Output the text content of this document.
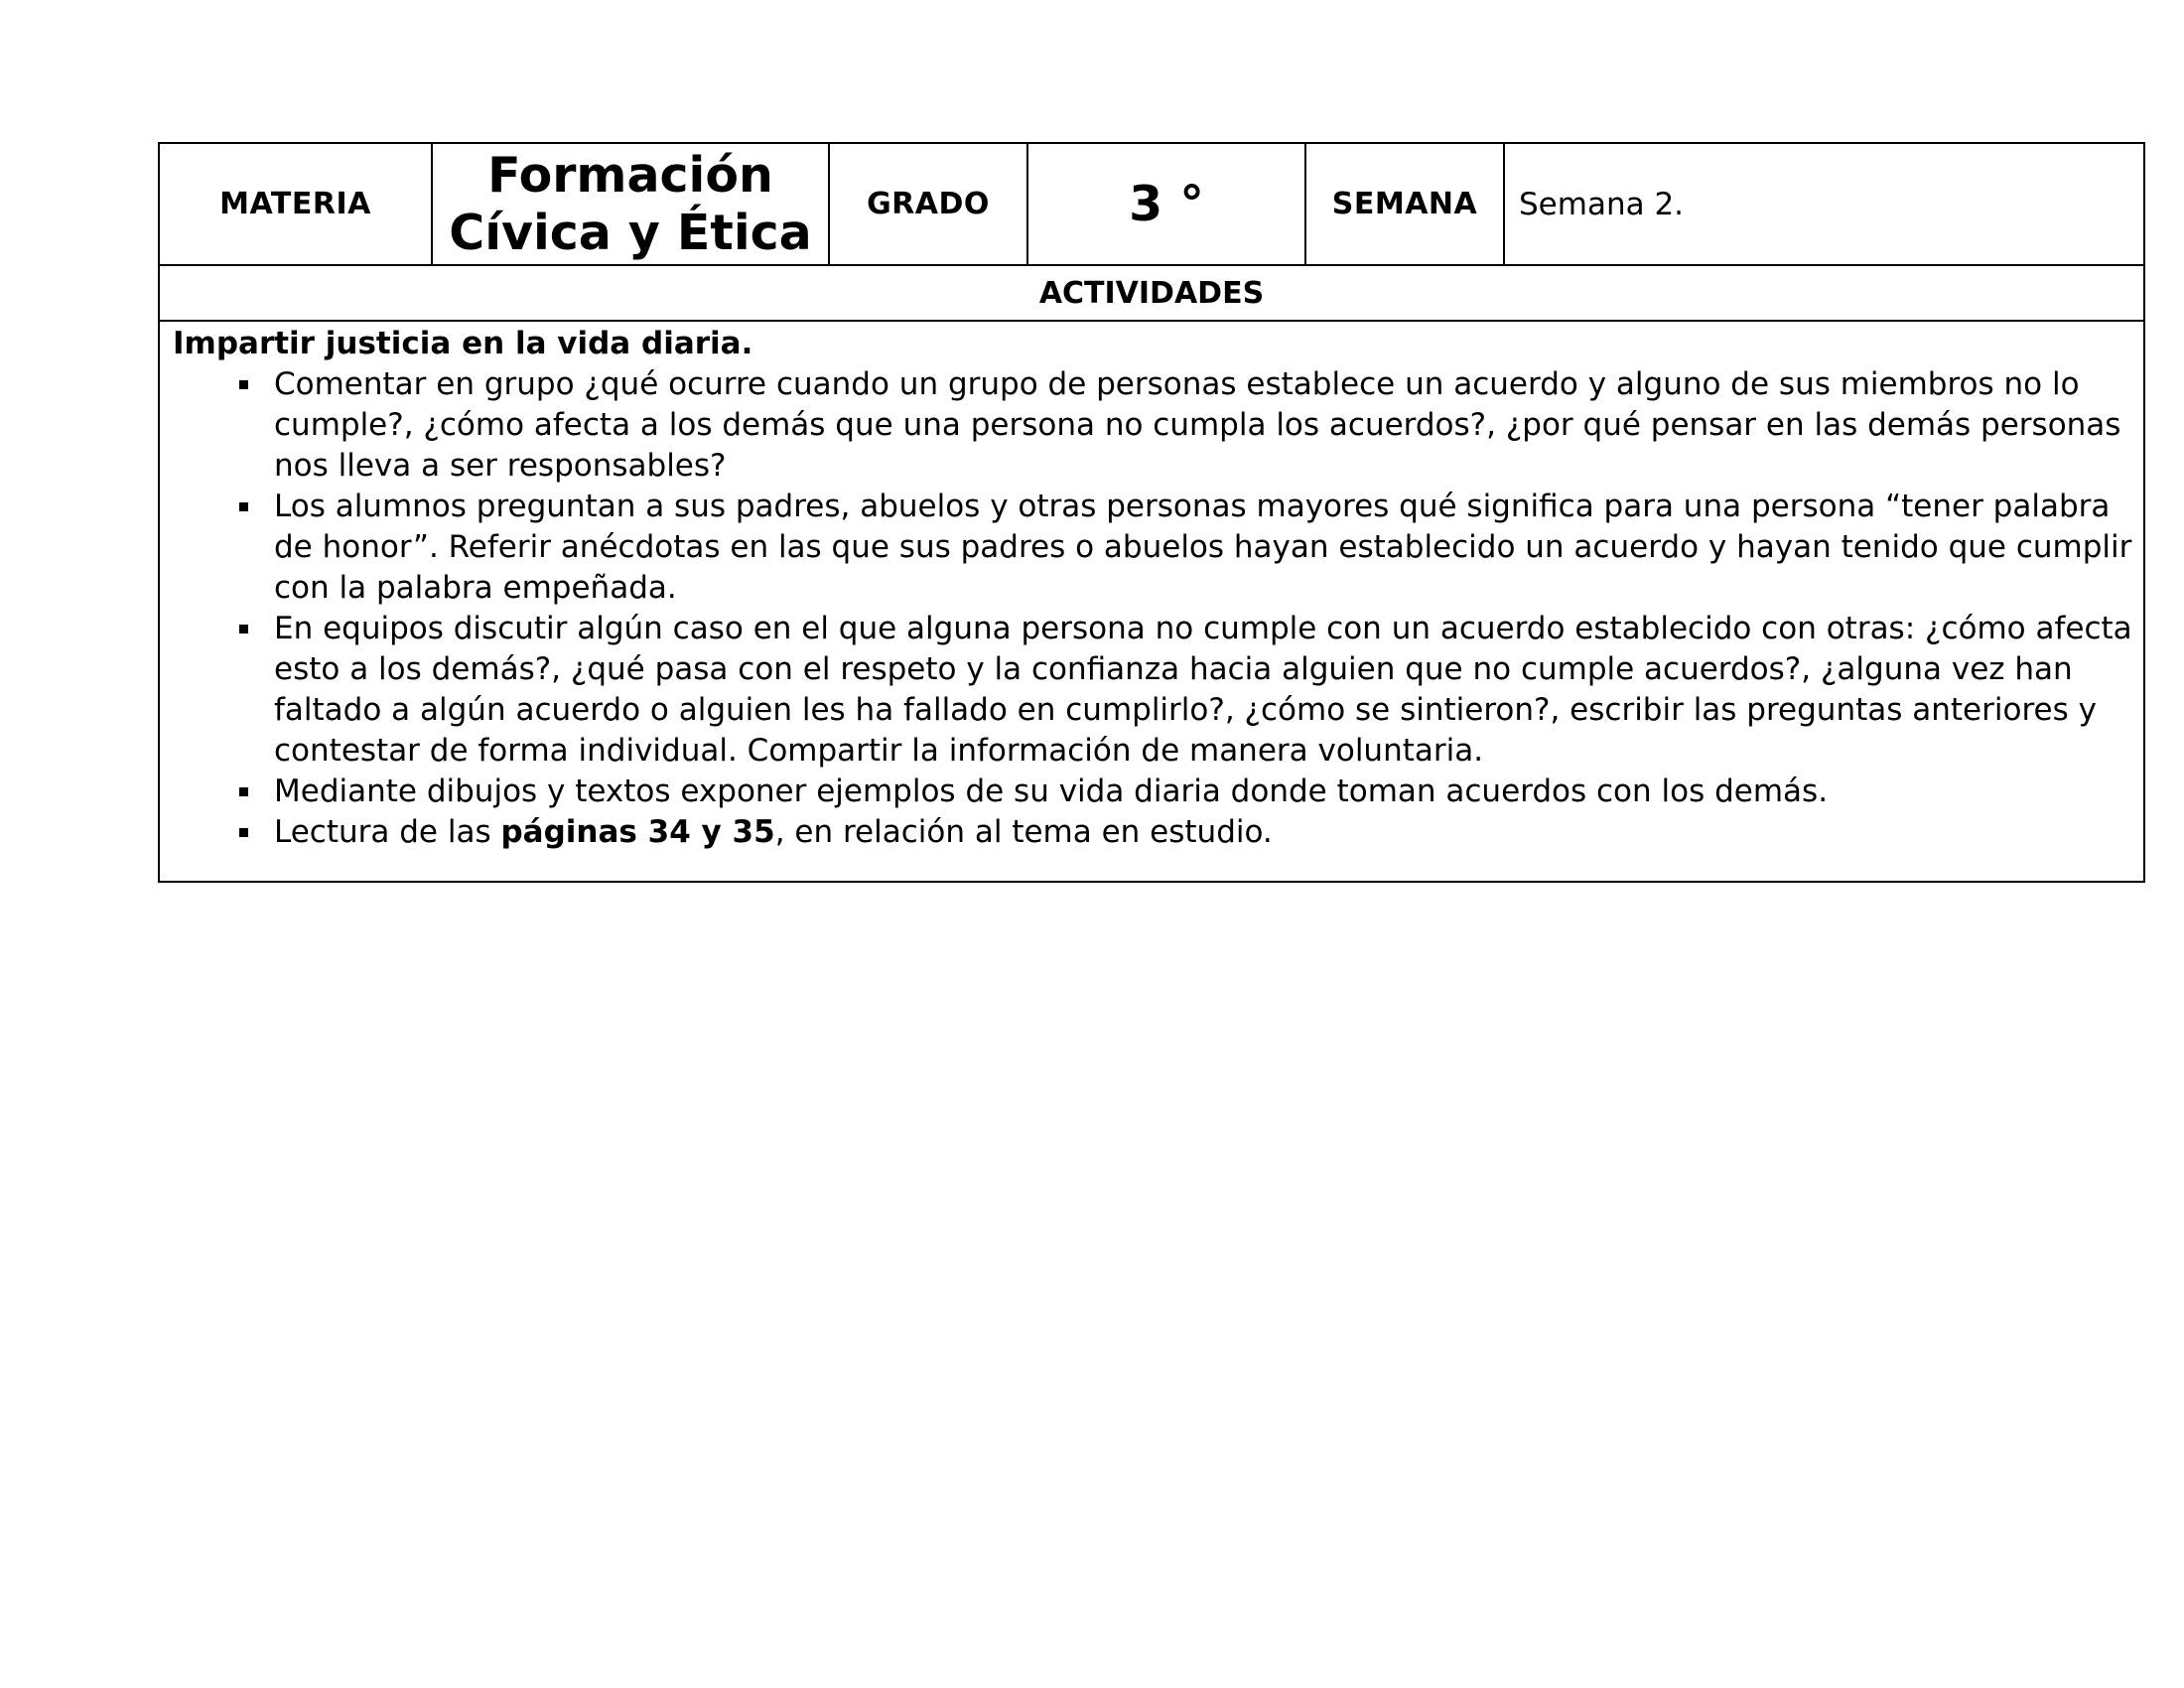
MATERIA
Formación
Cívica y Ética GRADO	3 °	SEMANA Semana 2.
ACTIVIDADES
Impartir justicia en la vida diaria.
Comentar en grupo ¿qué ocurre cuando un grupo de personas establece un acuerdo y alguno de sus miembros no lo cumple?, ¿cómo afecta a los demás que una persona no cumpla los acuerdos?, ¿por qué pensar en las demás personas nos lleva a ser responsables?
Los alumnos preguntan a sus padres, abuelos y otras personas mayores qué significa para una persona “tener palabra de honor”. Referir anécdotas en las que sus padres o abuelos hayan establecido un acuerdo y hayan tenido que cumplir con la palabra empeñada.
En equipos discutir algún caso en el que alguna persona no cumple con un acuerdo establecido con otras: ¿cómo afecta esto a los demás?, ¿qué pasa con el respeto y la confianza hacia alguien que no cumple acuerdos?, ¿alguna vez han faltado a algún acuerdo o alguien les ha fallado en cumplirlo?, ¿cómo se sintieron?, escribir las preguntas anteriores y contestar de forma individual. Compartir la información de manera voluntaria.
Mediante dibujos y textos exponer ejemplos de su vida diaria donde toman acuerdos con los demás.
Lectura de las páginas 34 y 35, en relación al tema en estudio.
